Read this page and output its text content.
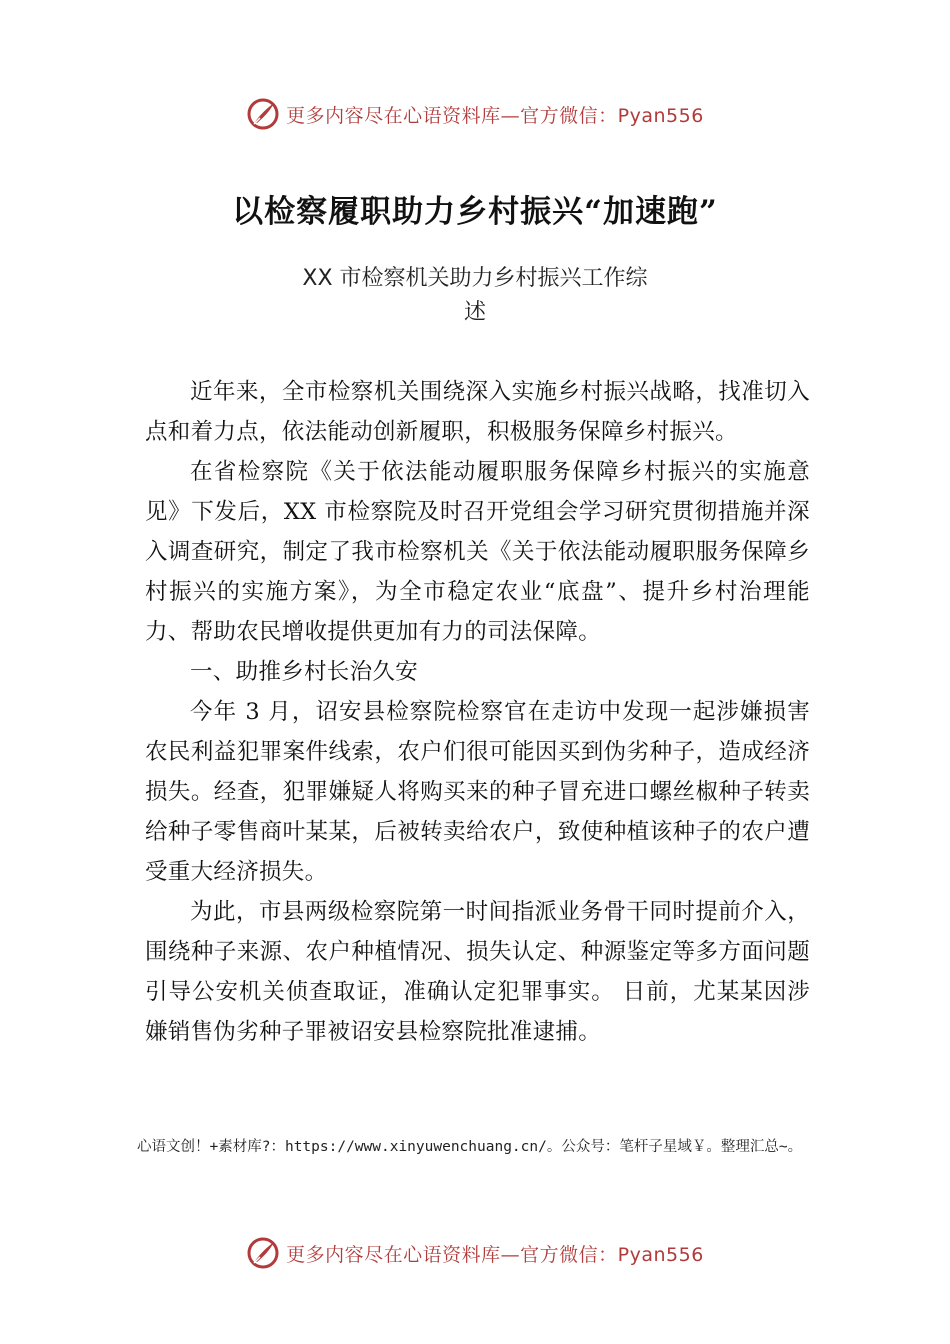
更多内容尽在心语资料库—官方微信：Pyan556
以检察履职助力乡村振兴“加速跑”
XX 市检察机关助力乡村振兴工作综
述

近年来，全市检察机关围绕深入实施乡村振兴战略，找准切入点和着力点，依法能动创新履职，积极服务保障乡村振兴。

在省检察院《关于依法能动履职服务保障乡村振兴的实施意见》下发后，XX 市检察院及时召开党组会学习研究贯彻措施并深入调查研究，制定了我市检察机关《关于依法能动履职服务保障乡村振兴的实施方案》，为全市稳定农业“底盘”、提升乡村治理能力、帮助农民增收提供更加有力的司法保障。

一、助推乡村长治久安

今年 3 月，诏安县检察院检察官在走访中发现一起涉嫌损害农民利益犯罪案件线索，农户们很可能因买到伪劣种子，造成经济损失。经查，犯罪嫌疑人将购买来的种子冒充进口螺丝椒种子转卖给种子零售商叶某某，后被转卖给农户，致使种植该种子的农户遭受重大经济损失。

为此，市县两级检察院第一时间指派业务骨干同时提前介入，围绕种子来源、农户种植情况、损失认定、种源鉴定等多方面问题引导公安机关侦查取证，准确认定犯罪事实。 日前，尤某某因涉嫌销售伪劣种子罪被诏安县检察院批准逮捕。

心语文创！+素材库?：https://www.xinyuwenchuang.cn/。公众号：笔杆子星域￥。整理汇总~。
更多内容尽在心语资料库—官方微信：Pyan556
